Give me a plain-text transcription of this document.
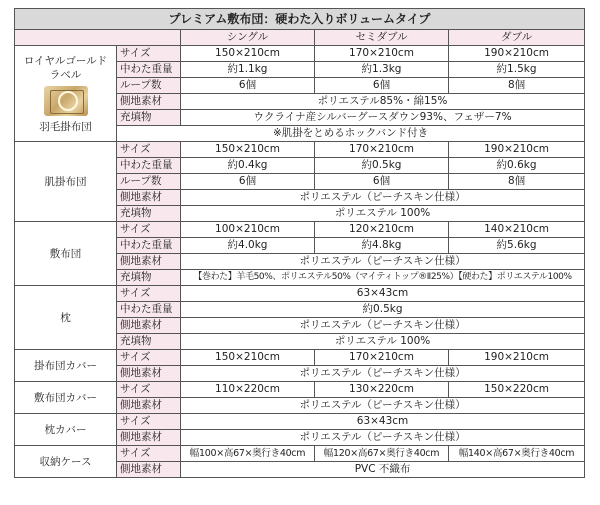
プレミアム敷布団：硬わた入りボリュームタイプ				
		シングル	セミダブル	ダブル

ロイヤルゴールド
ラベル
羽毛掛布団	サイズ	150×210cm	170×210cm	190×210cm
	中わた重量	約1.1kg	約1.3kg	約1.5kg
	ループ数	6個	6個	8個
	側地素材	ポリエステル85%・綿15%		
	充填物	ウクライナ産シルバーグースダウン93%、フェザー7%		
	※肌掛をとめるホックバンド付き			
肌掛布団	サイズ	150×210cm	170×210cm	190×210cm
	中わた重量	約0.4kg	約0.5kg	約0.6kg
	ループ数	6個	6個	8個
	側地素材	ポリエステル（ピーチスキン仕様）		
	充填物	ポリエステル 100%		
敷布団	サイズ	100×210cm	120×210cm	140×210cm
	中わた重量	約4.0kg	約4.8kg	約5.6kg
	側地素材	ポリエステル（ピーチスキン仕様）		
	充填物	【巻わた】羊毛50%、ポリエステル50%（マイティトップ®Ⅱ25%）【硬わた】ポリエステル100%		
枕	サイズ	63×43cm		
	中わた重量	約0.5kg		
	側地素材	ポリエステル（ピーチスキン仕様）		
	充填物	ポリエステル 100%		
掛布団カバー	サイズ	150×210cm	170×210cm	190×210cm
	側地素材	ポリエステル（ピーチスキン仕様）		
敷布団カバー	サイズ	110×220cm	130×220cm	150×220cm
	側地素材	ポリエステル（ピーチスキン仕様）		
枕カバー	サイズ	63×43cm		
	側地素材	ポリエステル（ピーチスキン仕様）		
収納ケース	サイズ	幅100×高67×奥行き40cm	幅120×高67×奥行き40cm	幅140×高67×奥行き40cm
	側地素材	PVC 不織布		
